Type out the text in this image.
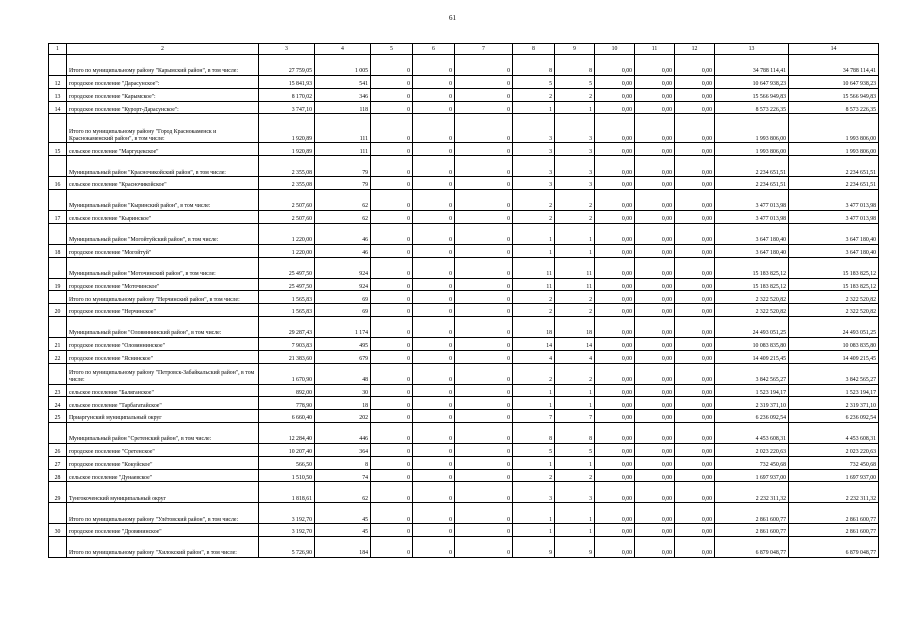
61
1	2	3	4	5	6	7	8	9	10	11	12	13	14
	Итого по муниципальному району "Карымский район", в том числе:	27 759,05	1 005	0	0	0	8	8	0,00	0,00	0,00	34 788 114,41	34 788 114,41
12	городское поселение "Дарасунское":	15 841,93	541	0	0	0	5	5	0,00	0,00	0,00	10 647 938,23	10 647 938,23
13	городское поселение "Карымское":	8 170,02	346	0	0	0	2	2	0,00	0,00	0,00	15 566 949,83	15 566 949,83
14	городское поселение "Курорт-Дарасунское":	3 747,10	118	0	0	0	1	1	0,00	0,00	0,00	8 573 226,35	8 573 226,35
	Итого по муниципальному району "Город Краснокаменск и Краснокаменский район", в том числе:	1 920,89	111	0	0	0	3	3	0,00	0,00	0,00	1 993 806,00	1 993 806,00
15	сельское поселение "Маргуцекское"	1 920,89	111	0	0	0	3	3	0,00	0,00	0,00	1 993 806,00	1 993 806,00
	Муниципальный район "Красночикойский район", в том числе:	2 355,08	79	0	0	0	3	3	0,00	0,00	0,00	2 234 651,51	2 234 651,51
16	сельское поселение "Красночикойское"	2 355,08	79	0	0	0	3	3	0,00	0,00	0,00	2 234 651,51	2 234 651,51
	Муниципальный район "Кыринский район", в том числе:	2 507,60	62	0	0	0	2	2	0,00	0,00	0,00	3 477 013,98	3 477 013,98
17	сельское поселение "Кыринское"	2 507,60	62	0	0	0	2	2	0,00	0,00	0,00	3 477 013,98	3 477 013,98
	Муниципальный район "Могойтуйский район", в том числе:	1 220,00	46	0	0	0	1	1	0,00	0,00	0,00	3 647 180,40	3 647 180,40
18	городское поселение "Могойтуй"	1 220,00	46	0	0	0	1	1	0,00	0,00	0,00	3 647 180,40	3 647 180,40
	Муниципальный район "Моточинский район", в том числе:	25 497,50	924	0	0	0	11	11	0,00	0,00	0,00	15 183 825,12	15 183 825,12
19	городское поселение "Моточинское"	25 497,50	924	0	0	0	11	11	0,00	0,00	0,00	15 183 825,12	15 183 825,12
	Итого по муниципальному району "Нерчинский район", в том числе:	1 565,83	69	0	0	0	2	2	0,00	0,00	0,00	2 322 520,82	2 322 520,82
20	городское поселение "Нерчинское"	1 565,83	69	0	0	0	2	2	0,00	0,00	0,00	2 322 520,82	2 322 520,82
	Муниципальный район "Оловяннинский район", в том числе:	29 287,43	1 174	0	0	0	18	18	0,00	0,00	0,00	24 493 051,25	24 493 051,25
21	городское поселение "Оловяннинское"	7 903,83	495	0	0	0	14	14	0,00	0,00	0,00	10 083 835,80	10 083 835,80
22	городское поселение "Яснинское"	21 383,60	679	0	0	0	4	4	0,00	0,00	0,00	14 409 215,45	14 409 215,45
	Итого по муниципальному району "Петровск-Забайкальский район", в том числе:	1 670,90	48	0	0	0	2	2	0,00	0,00	0,00	3 842 565,27	3 842 565,27
23	сельское поселение "Баляганское"	892,00	30	0	0	0	1	1	0,00	0,00	0,00	1 523 194,17	1 523 194,17
24	сельское поселение "Тарбагатайское"	778,90	18	0	0	0	1	1	0,00	0,00	0,00	2 319 371,10	2 319 371,10
25	Приаргунский муниципальный округ	6 660,40	202	0	0	0	7	7	0,00	0,00	0,00	6 236 092,54	6 236 092,54
	Муниципальный район "Сретенский район", в том числе:	12 284,40	446	0	0	0	8	8	0,00	0,00	0,00	4 453 608,31	4 453 608,31
26	городское поселение "Сретенское"	10 207,40	364	0	0	0	5	5	0,00	0,00	0,00	2 023 220,63	2 023 220,63
27	городское поселение "Кокуйское"	566,50	8	0	0	0	1	1	0,00	0,00	0,00	732 450,68	732 450,68
28	сельское поселение "Дунаевское"	1 510,50	74	0	0	0	2	2	0,00	0,00	0,00	1 697 937,00	1 697 937,00
29	Тунгокоченский муниципальный округ	1 818,61	62	0	0	0	3	3	0,00	0,00	0,00	2 232 311,32	2 232 311,32
	Итого по муниципальному району "Улётовский район", в том числе:	3 192,70	45	0	0	0	1	1	0,00	0,00	0,00	2 861 600,77	2 861 600,77
30	городское поселение "Дровянинское"	3 192,70	45	0	0	0	1	1	0,00	0,00	0,00	2 861 600,77	2 861 600,77
	Итого по муниципальному району "Хилокский район", в том числе:	5 726,90	184	0	0	0	9	9	0,00	0,00	0,00	6 879 048,77	6 879 048,77
